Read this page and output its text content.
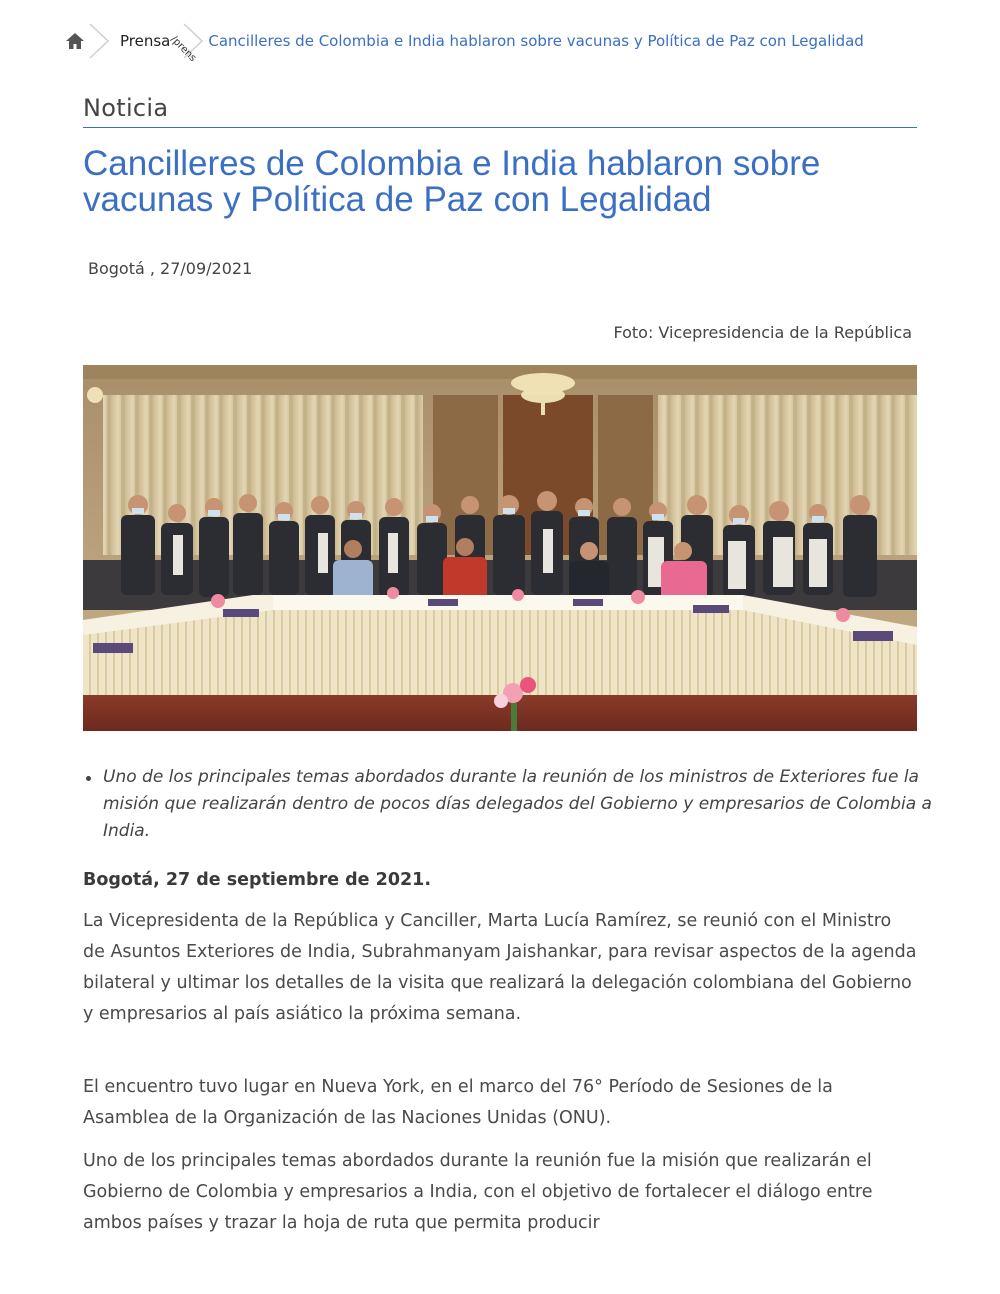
Prensa
/prens Cancilleres de Colombia e India hablaron sobre vacunas y Política de Paz con Legalidad
Noticia
Cancilleres de Colombia e India hablaron sobre vacunas y Política de Paz con Legalidad
Bogotá , 27/09/2021
Foto: Vicepresidencia de la República
Uno de los principales temas abordados durante la reunión de los ministros de Exteriores fue la misión que realizarán dentro de pocos días delegados del Gobierno y empresarios de Colombia a India.

Bogotá, 27 de septiembre de 2021.

La Vicepresidenta de la República y Canciller, Marta Lucía Ramírez, se reunió con el Ministro de Asuntos Exteriores de India, Subrahmanyam Jaishankar, para revisar aspectos de la agenda bilateral y ultimar los detalles de la visita que realizará la delegación colombiana del Gobierno y empresarios al país asiático la próxima semana.

El encuentro tuvo lugar en Nueva York, en el marco del 76° Período de Sesiones de la Asamblea de la Organización de las Naciones Unidas (ONU).

Uno de los principales temas abordados durante la reunión fue la misión que realizarán el Gobierno de Colombia y empresarios a India, con el objetivo de fortalecer el diálogo entre ambos países y trazar la hoja de ruta que permita producir
